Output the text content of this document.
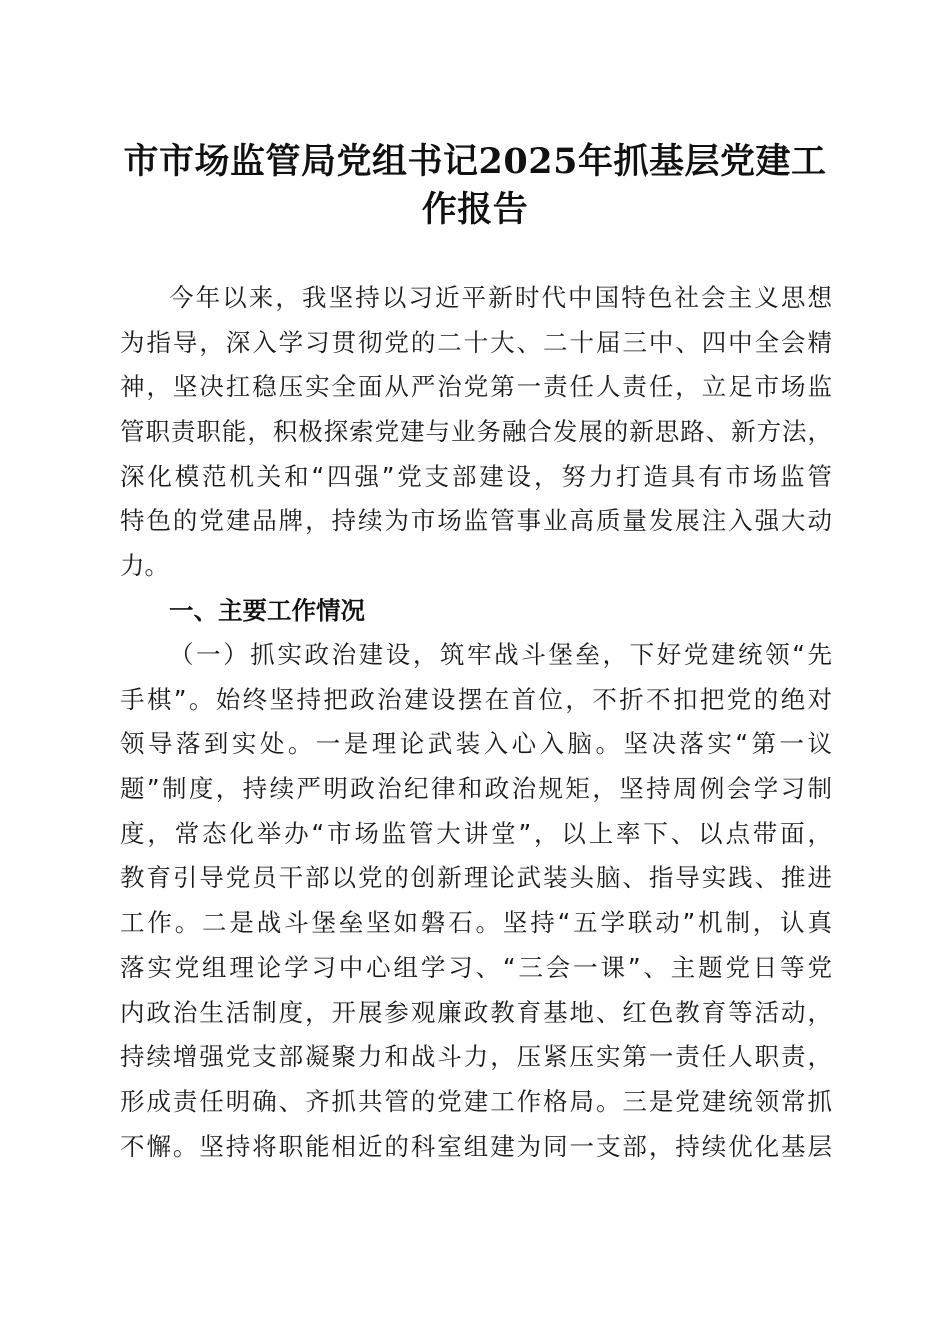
市市场监管局党组书记2025年抓基层党建工
作报告
今年以来，我坚持以习近平新时代中国特色社会主义思想
为指导，深入学习贯彻党的二十大、二十届三中、四中全会精
神，坚决扛稳压实全面从严治党第一责任人责任，立足市场监
管职责职能，积极探索党建与业务融合发展的新思路、新方法，
深化模范机关和“四强”党支部建设，努力打造具有市场监管
特色的党建品牌，持续为市场监管事业高质量发展注入强大动
力。
一、主要工作情况
（一）抓实政治建设，筑牢战斗堡垒，下好党建统领“先
手棋”。始终坚持把政治建设摆在首位，不折不扣把党的绝对
领导落到实处。一是理论武装入心入脑。坚决落实“第一议
题”制度，持续严明政治纪律和政治规矩，坚持周例会学习制
度，常态化举办“市场监管大讲堂”，以上率下、以点带面，
教育引导党员干部以党的创新理论武装头脑、指导实践、推进
工作。二是战斗堡垒坚如磐石。坚持“五学联动”机制，认真
落实党组理论学习中心组学习、“三会一课”、主题党日等党
内政治生活制度，开展参观廉政教育基地、红色教育等活动，
持续增强党支部凝聚力和战斗力，压紧压实第一责任人职责，
形成责任明确、齐抓共管的党建工作格局。三是党建统领常抓
不懈。坚持将职能相近的科室组建为同一支部，持续优化基层
